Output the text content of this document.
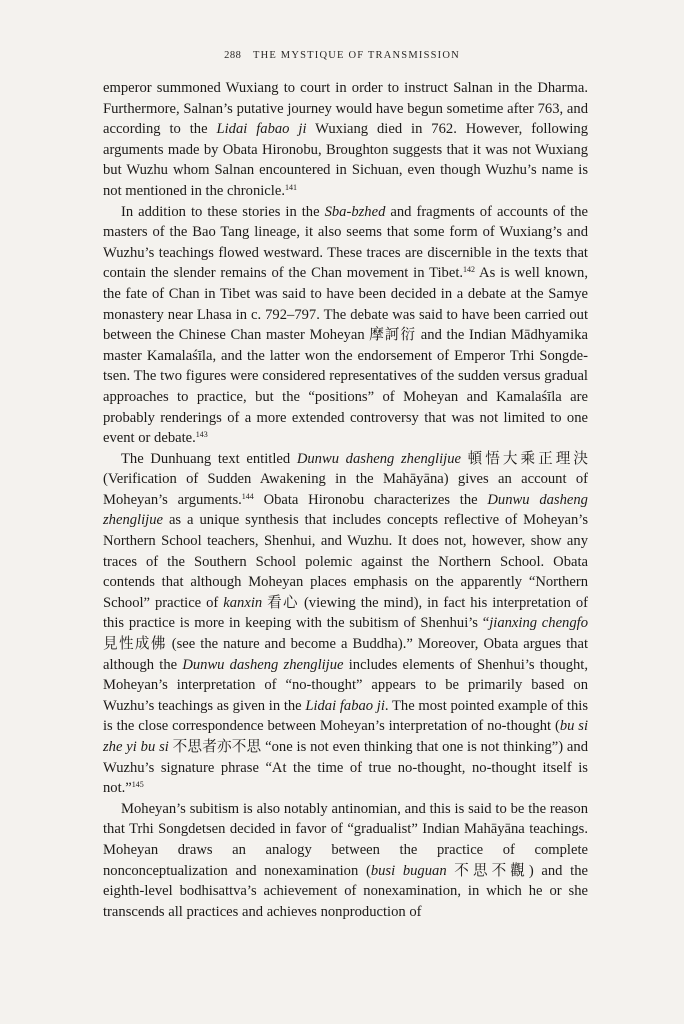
288 THE MYSTIQUE OF TRANSMISSION

emperor summoned Wuxiang to court in order to instruct Salnan in the Dharma. Furthermore, Salnan’s putative journey would have begun sometime after 763, and according to the Lidai fabao ji Wuxiang died in 762. However, following arguments made by Obata Hironobu, Broughton suggests that it was not Wuxiang but Wuzhu whom Salnan encountered in Sichuan, even though Wuzhu’s name is not mentioned in the chronicle.$^{141}$

In addition to these stories in the Sba-bzhed and fragments of accounts of the masters of the Bao Tang lineage, it also seems that some form of Wuxiang’s and Wuzhu’s teachings flowed westward. These traces are discernible in the texts that contain the slender remains of the Chan movement in Tibet.$^{142}$ As is well known, the fate of Chan in Tibet was said to have been decided in a debate at the Samye monastery near Lhasa in c. 792–797. The debate was said to have been carried out between the Chinese Chan master Moheyan 摩訶衍 and the Indian Mādhyamika master Kamalaśīla, and the latter won the endorsement of Emperor Trhi Songdetsen. The two figures were considered representatives of the sudden versus gradual approaches to practice, but the “positions” of Moheyan and Kamalaśīla are probably renderings of a more extended controversy that was not limited to one event or debate.$^{143}$

The Dunhuang text entitled Dunwu dasheng zhenglijue 頓悟大乘正理決 (Verification of Sudden Awakening in the Mahāyāna) gives an account of Moheyan’s arguments.$^{144}$ Obata Hironobu characterizes the Dunwu dasheng zhenglijue as a unique synthesis that includes concepts reflective of Moheyan’s Northern School teachers, Shenhui, and Wuzhu. It does not, however, show any traces of the Southern School polemic against the Northern School. Obata contends that although Moheyan places emphasis on the apparently “Northern School” practice of kanxin 看心 (viewing the mind), in fact his interpretation of this practice is more in keeping with the subitism of Shenhui’s “jianxing chengfo 見性成佛 (see the nature and become a Buddha).” Moreover, Obata argues that although the Dunwu dasheng zhenglijue includes elements of Shenhui’s thought, Moheyan’s interpretation of “no-thought” appears to be primarily based on Wuzhu’s teachings as given in the Lidai fabao ji. The most pointed example of this is the close correspondence between Moheyan’s interpretation of no-thought (bu si zhe yi bu si 不思者亦不思 “one is not even thinking that one is not thinking”) and Wuzhu’s signature phrase “At the time of true no-thought, no-thought itself is not.”$^{145}$

Moheyan’s subitism is also notably antinomian, and this is said to be the reason that Trhi Songdetsen decided in favor of “gradualist” Indian Mahāyāna teachings. Moheyan draws an analogy between the practice of complete nonconceptualization and nonexamination (busi buguan 不思不觀) and the eighth-level bodhisattva’s achievement of nonexamination, in which he or she transcends all practices and achieves nonproduction of
